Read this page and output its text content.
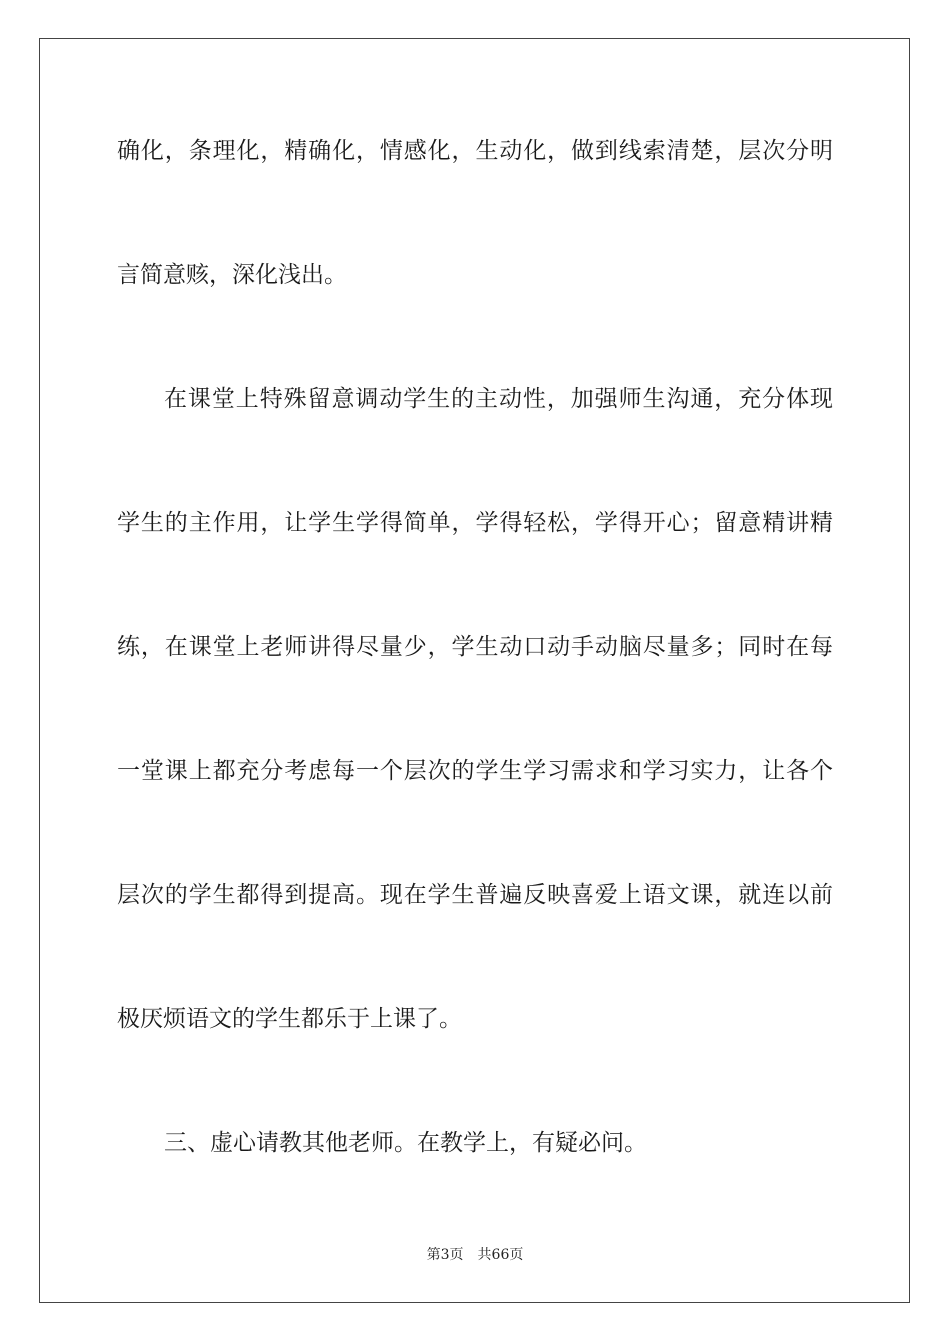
确化，条理化，精确化，情感化，生动化，做到线索清楚，层次分明
言简意赅，深化浅出。
在课堂上特殊留意调动学生的主动性，加强师生沟通，充分体现
学生的主作用，让学生学得简单，学得轻松，学得开心；留意精讲精
练，在课堂上老师讲得尽量少，学生动口动手动脑尽量多；同时在每
一堂课上都充分考虑每一个层次的学生学习需求和学习实力，让各个
层次的学生都得到提高。现在学生普遍反映喜爱上语文课，就连以前
极厌烦语文的学生都乐于上课了。
三、虚心请教其他老师。在教学上，有疑必问。
第3页 共66页
